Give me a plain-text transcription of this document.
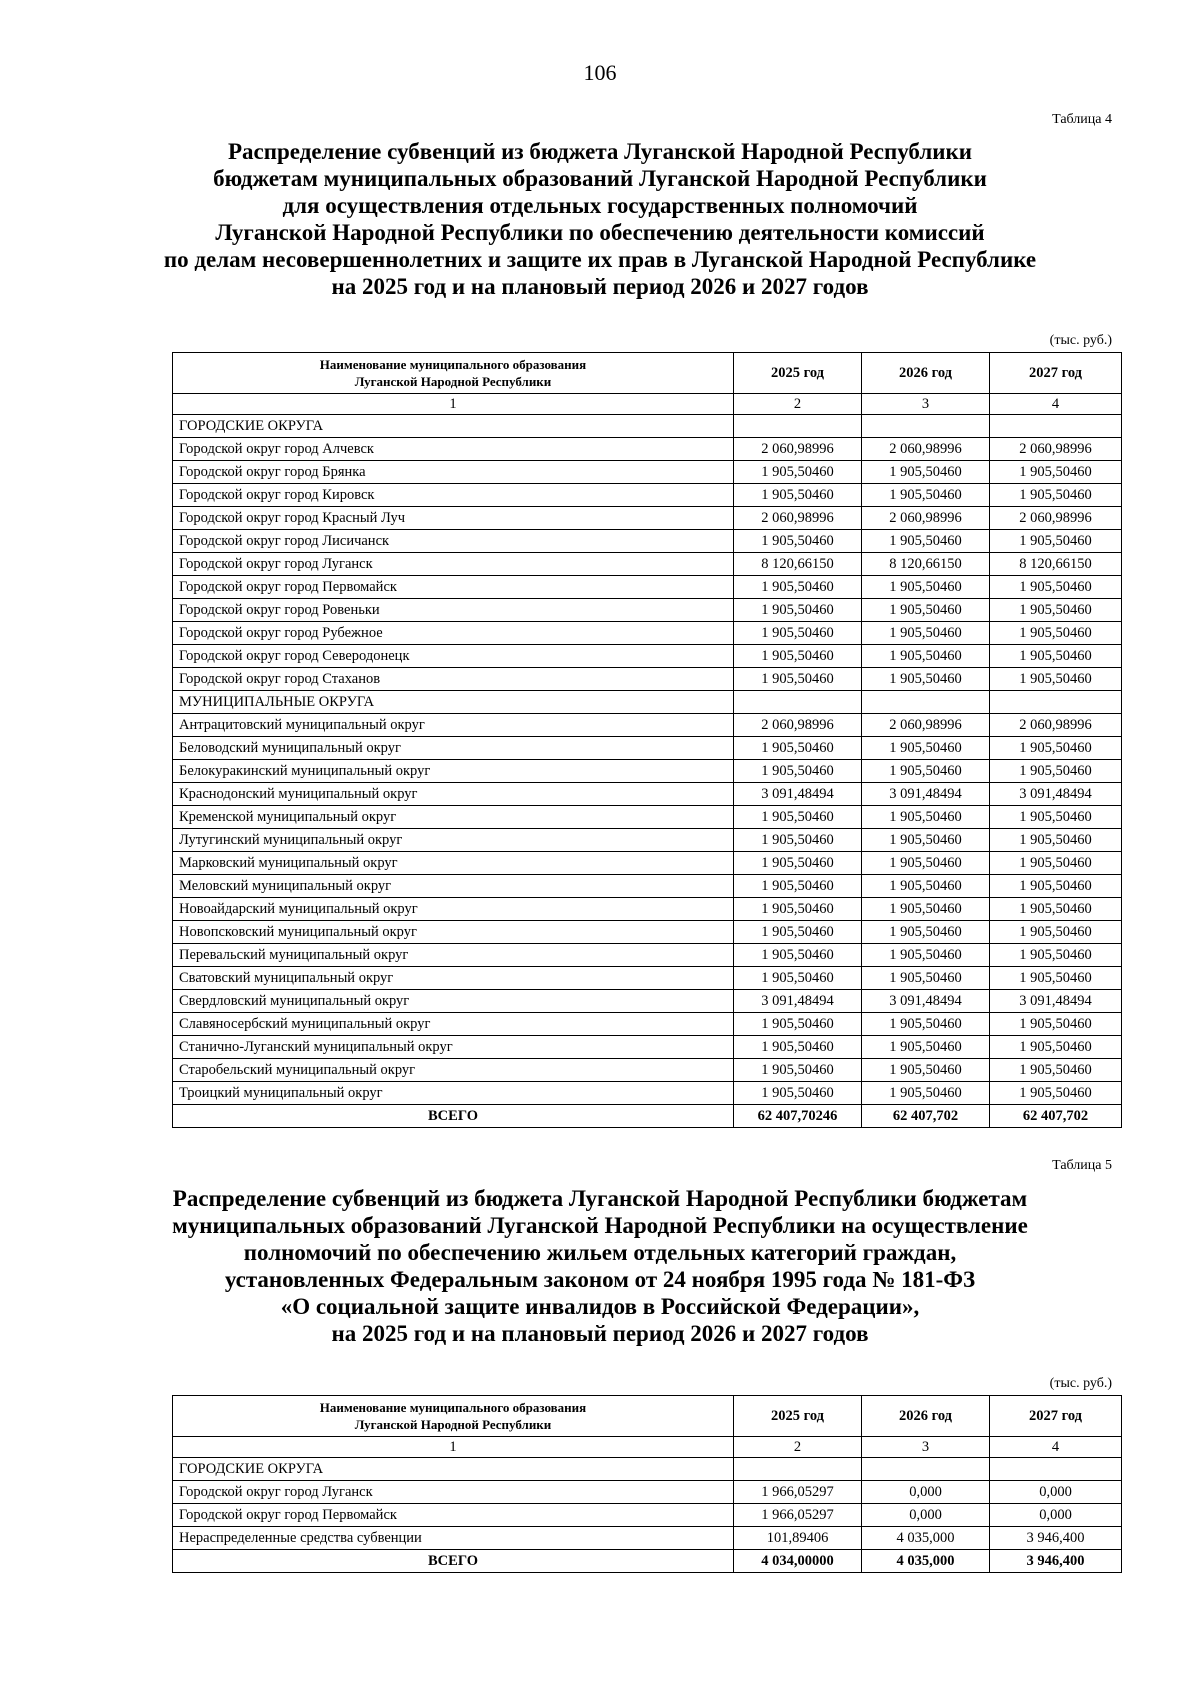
106
Таблица 4
Распределение субвенций из бюджета Луганской Народной Республики
бюджетам муниципальных образований Луганской Народной Республики
для осуществления отдельных государственных полномочий
Луганской Народной Республики по обеспечению деятельности комиссий
по делам несовершеннолетних и защите их прав в Луганской Народной Республике
на 2025 год и на плановый период 2026 и 2027 годов
(тыс. руб.)
Наименование муниципального образования
Луганской Народной Республики	2025 год	2026 год	2027 год
1	2	3	4
ГОРОДСКИЕ ОКРУГА			
Городской округ город Алчевск	2 060,98996	2 060,98996	2 060,98996
Городской округ город Брянка	1 905,50460	1 905,50460	1 905,50460
Городской округ город Кировск	1 905,50460	1 905,50460	1 905,50460
Городской округ город Красный Луч	2 060,98996	2 060,98996	2 060,98996
Городской округ город Лисичанск	1 905,50460	1 905,50460	1 905,50460
Городской округ город Луганск	8 120,66150	8 120,66150	8 120,66150
Городской округ город Первомайск	1 905,50460	1 905,50460	1 905,50460
Городской округ город Ровеньки	1 905,50460	1 905,50460	1 905,50460
Городской округ город Рубежное	1 905,50460	1 905,50460	1 905,50460
Городской округ город Северодонецк	1 905,50460	1 905,50460	1 905,50460
Городской округ город Стаханов	1 905,50460	1 905,50460	1 905,50460
МУНИЦИПАЛЬНЫЕ ОКРУГА			
Антрацитовский муниципальный округ	2 060,98996	2 060,98996	2 060,98996
Беловодский муниципальный округ	1 905,50460	1 905,50460	1 905,50460
Белокуракинский муниципальный округ	1 905,50460	1 905,50460	1 905,50460
Краснодонский муниципальный округ	3 091,48494	3 091,48494	3 091,48494
Кременской муниципальный округ	1 905,50460	1 905,50460	1 905,50460
Лутугинский муниципальный округ	1 905,50460	1 905,50460	1 905,50460
Марковский муниципальный округ	1 905,50460	1 905,50460	1 905,50460
Меловский муниципальный округ	1 905,50460	1 905,50460	1 905,50460
Новоайдарский муниципальный округ	1 905,50460	1 905,50460	1 905,50460
Новопсковский муниципальный округ	1 905,50460	1 905,50460	1 905,50460
Перевальский муниципальный округ	1 905,50460	1 905,50460	1 905,50460
Сватовский муниципальный округ	1 905,50460	1 905,50460	1 905,50460
Свердловский муниципальный округ	3 091,48494	3 091,48494	3 091,48494
Славяносербский муниципальный округ	1 905,50460	1 905,50460	1 905,50460
Станично-Луганский муниципальный округ	1 905,50460	1 905,50460	1 905,50460
Старобельский муниципальный округ	1 905,50460	1 905,50460	1 905,50460
Троицкий муниципальный округ	1 905,50460	1 905,50460	1 905,50460
ВСЕГО	62 407,70246	62 407,702	62 407,702
Таблица 5
Распределение субвенций из бюджета Луганской Народной Республики бюджетам
муниципальных образований Луганской Народной Республики на осуществление
полномочий по обеспечению жильем отдельных категорий граждан,
установленных Федеральным законом от 24 ноября 1995 года № 181-ФЗ
«О социальной защите инвалидов в Российской Федерации»,
на 2025 год и на плановый период 2026 и 2027 годов
(тыс. руб.)
Наименование муниципального образования
Луганской Народной Республики	2025 год	2026 год	2027 год
1	2	3	4
ГОРОДСКИЕ ОКРУГА			
Городской округ город Луганск	1 966,05297	0,000	0,000
Городской округ город Первомайск	1 966,05297	0,000	0,000
Нераспределенные средства субвенции	101,89406	4 035,000	3 946,400
ВСЕГО	4 034,00000	4 035,000	3 946,400
